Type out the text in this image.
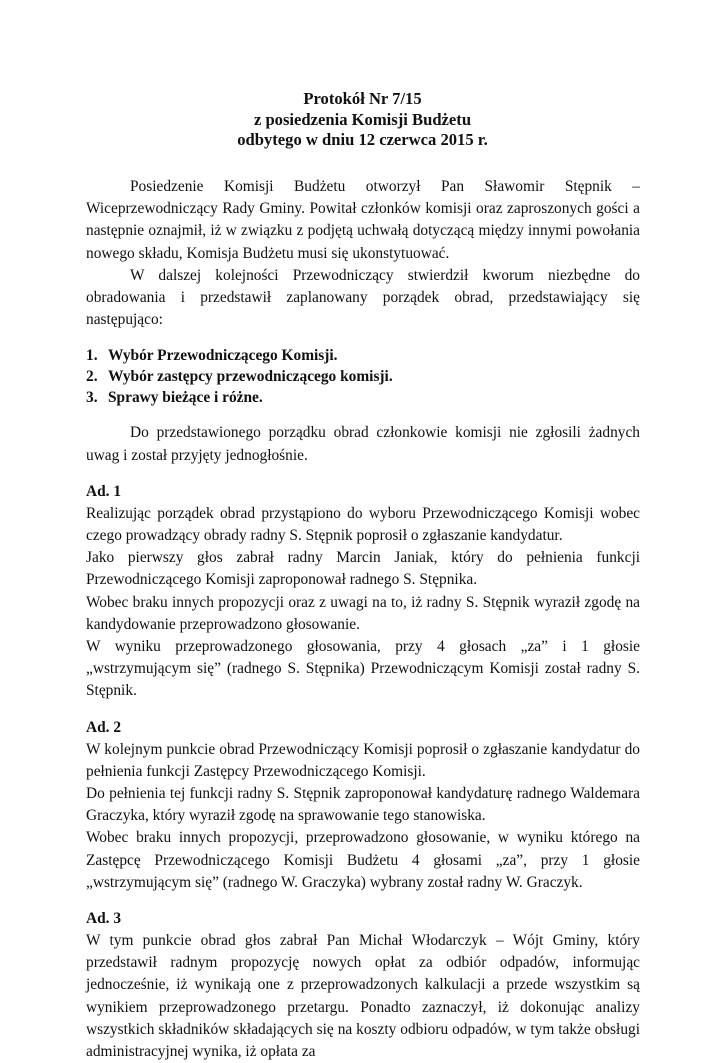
Protokół Nr 7/15
z posiedzenia Komisji Budżetu
odbytego w dniu 12 czerwca 2015 r.

Posiedzenie Komisji Budżetu otworzył Pan Sławomir Stępnik – Wiceprzewodniczący Rady Gminy. Powitał członków komisji oraz zaproszonych gości a następnie oznajmił, iż w związku z podjętą uchwałą dotyczącą między innymi powołania nowego składu, Komisja Budżetu musi się ukonstytuować.

W dalszej kolejności Przewodniczący stwierdził kworum niezbędne do obradowania i przedstawił zaplanowany porządek obrad, przedstawiający się następująco:

1. Wybór Przewodniczącego Komisji.
2. Wybór zastępcy przewodniczącego komisji.
3. Sprawy bieżące i różne.

Do przedstawionego porządku obrad członkowie komisji nie zgłosili żadnych uwag i został przyjęty jednogłośnie.

Ad. 1

Realizując porządek obrad przystąpiono do wyboru Przewodniczącego Komisji wobec czego prowadzący obrady radny S. Stępnik poprosił o zgłaszanie kandydatur.

Jako pierwszy głos zabrał radny Marcin Janiak, który do pełnienia funkcji Przewodniczącego Komisji zaproponował radnego S. Stępnika.

Wobec braku innych propozycji oraz z uwagi na to, iż radny S. Stępnik wyraził zgodę na kandydowanie przeprowadzono głosowanie.

W wyniku przeprowadzonego głosowania, przy 4 głosach „za” i 1 głosie „wstrzymującym się” (radnego S. Stępnika) Przewodniczącym Komisji został radny S. Stępnik.

Ad. 2

W kolejnym punkcie obrad Przewodniczący Komisji poprosił o zgłaszanie kandydatur do pełnienia funkcji Zastępcy Przewodniczącego Komisji.

Do pełnienia tej funkcji radny S. Stępnik zaproponował kandydaturę radnego Waldemara Graczyka, który wyraził zgodę na sprawowanie tego stanowiska.

Wobec braku innych propozycji, przeprowadzono głosowanie, w wyniku którego na Zastępcę Przewodniczącego Komisji Budżetu 4 głosami „za”, przy 1 głosie „wstrzymującym się” (radnego W. Graczyka) wybrany został radny W. Graczyk.

Ad. 3

W tym punkcie obrad głos zabrał Pan Michał Włodarczyk – Wójt Gminy, który przedstawił radnym propozycję nowych opłat za odbiór odpadów, informując jednocześnie, iż wynikają one z przeprowadzonych kalkulacji a przede wszystkim są wynikiem przeprowadzonego przetargu. Ponadto zaznaczył, iż dokonując analizy wszystkich składników składających się na koszty odbioru odpadów, w tym także obsługi administracyjnej wynika, iż opłata za
